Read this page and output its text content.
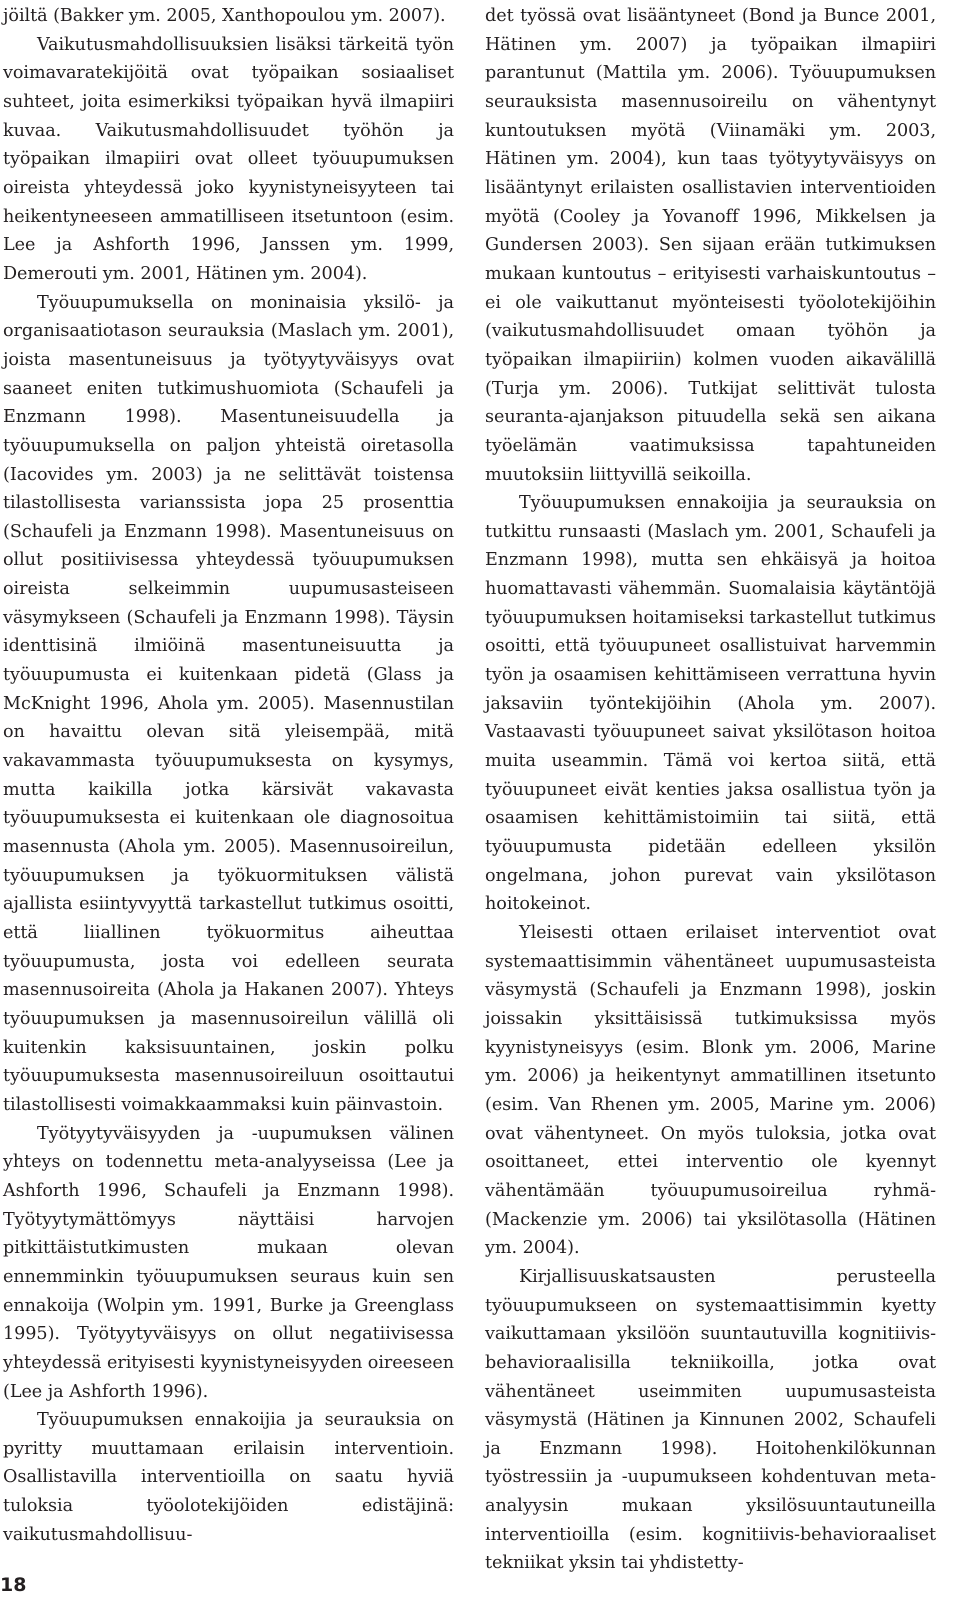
jöiltä (Bakker ym. 2005, Xanthopoulou ym. 2007).

Vaikutusmahdollisuuksien lisäksi tärkeitä työn voimavaratekijöitä ovat työpaikan sosiaaliset suhteet, joita esimerkiksi työpaikan hyvä ilmapiiri kuvaa. Vaikutusmahdollisuudet työhön ja työpaikan ilmapiiri ovat olleet työuupumuksen oireista yhteydessä joko kyynistyneisyyteen tai heikentyneeseen ammatilliseen itsetuntoon (esim. Lee ja Ashforth 1996, Janssen ym. 1999, Demerouti ym. 2001, Hätinen ym. 2004).

Työuupumuksella on moninaisia yksilö- ja organisaatiotason seurauksia (Maslach ym. 2001), joista masentuneisuus ja työtyytyväisyys ovat saaneet eniten tutkimushuomiota (Schaufeli ja Enzmann 1998). Masentuneisuudella ja työuupumuksella on paljon yhteistä oiretasolla (Iacovides ym. 2003) ja ne selittävät toistensa tilastollisesta varianssista jopa 25 prosenttia (Schaufeli ja Enzmann 1998). Masentuneisuus on ollut positiivisessa yhteydessä työuupumuksen oireista selkeimmin uupumusasteiseen väsymykseen (Schaufeli ja Enzmann 1998). Täysin identtisinä ilmiöinä masentuneisuutta ja työuupumusta ei kuitenkaan pidetä (Glass ja McKnight 1996, Ahola ym. 2005). Masennustilan on havaittu olevan sitä yleisempää, mitä vakavammasta työuupumuksesta on kysymys, mutta kaikilla jotka kärsivät vakavasta työuupumuksesta ei kuitenkaan ole diagnosoitua masennusta (Ahola ym. 2005). Masennusoireilun, työuupumuksen ja työkuormituksen välistä ajallista esiintyvyyttä tarkastellut tutkimus osoitti, että liiallinen työkuormitus aiheuttaa työuupumusta, josta voi edelleen seurata masennusoireita (Ahola ja Hakanen 2007). Yhteys työuupumuksen ja masennusoireilun välillä oli kuitenkin kaksisuuntainen, joskin polku työuupumuksesta masennusoireiluun osoittautui tilastollisesti voimakkaammaksi kuin päinvastoin.

Työtyytyväisyyden ja -uupumuksen välinen yhteys on todennettu meta-analyyseissa (Lee ja Ashforth 1996, Schaufeli ja Enzmann 1998). Työtyytymättömyys näyttäisi harvojen pitkittäistutkimusten mukaan olevan ennemminkin työuupumuksen seuraus kuin sen ennakoija (Wolpin ym. 1991, Burke ja Greenglass 1995). Työtyytyväisyys on ollut negatiivisessa yhteydessä erityisesti kyynistyneisyyden oireeseen (Lee ja Ashforth 1996).

Työuupumuksen ennakoijia ja seurauksia on pyritty muuttamaan erilaisin interventioin. Osallistavilla interventioilla on saatu hyviä tuloksia työolotekijöiden edistäjinä: vaikutusmahdollisuu-

det työssä ovat lisääntyneet (Bond ja Bunce 2001, Hätinen ym. 2007) ja työpaikan ilmapiiri parantunut (Mattila ym. 2006). Työuupumuksen seurauksista masennusoireilu on vähentynyt kuntoutuksen myötä (Viinamäki ym. 2003, Hätinen ym. 2004), kun taas työtyytyväisyys on lisääntynyt erilaisten osallistavien interventioiden myötä (Cooley ja Yovanoff 1996, Mikkelsen ja Gundersen 2003). Sen sijaan erään tutkimuksen mukaan kuntoutus – erityisesti varhaiskuntoutus – ei ole vaikuttanut myönteisesti työolotekijöihin (vaikutusmahdollisuudet omaan työhön ja työpaikan ilmapiiriin) kolmen vuoden aikavälillä (Turja ym. 2006). Tutkijat selittivät tulosta seuranta-ajanjakson pituudella sekä sen aikana työelämän vaatimuksissa tapahtuneiden muutoksiin liittyvillä seikoilla.

Työuupumuksen ennakoijia ja seurauksia on tutkittu runsaasti (Maslach ym. 2001, Schaufeli ja Enzmann 1998), mutta sen ehkäisyä ja hoitoa huomattavasti vähemmän. Suomalaisia käytäntöjä työuupumuksen hoitamiseksi tarkastellut tutkimus osoitti, että työuupuneet osallistuivat harvemmin työn ja osaamisen kehittämiseen verrattuna hyvin jaksaviin työntekijöihin (Ahola ym. 2007). Vastaavasti työuupuneet saivat yksilötason hoitoa muita useammin. Tämä voi kertoa siitä, että työuupuneet eivät kenties jaksa osallistua työn ja osaamisen kehittämistoimiin tai siitä, että työuupumusta pidetään edelleen yksilön ongelmana, johon purevat vain yksilötason hoitokeinot.

Yleisesti ottaen erilaiset interventiot ovat systemaattisimmin vähentäneet uupumusasteista väsymystä (Schaufeli ja Enzmann 1998), joskin joissakin yksittäisissä tutkimuksissa myös kyynistyneisyys (esim. Blonk ym. 2006, Marine ym. 2006) ja heikentynyt ammatillinen itsetunto (esim. Van Rhenen ym. 2005, Marine ym. 2006) ovat vähentyneet. On myös tuloksia, jotka ovat osoittaneet, ettei interventio ole kyennyt vähentämään työuupumusoireilua ryhmä- (Mackenzie ym. 2006) tai yksilötasolla (Hätinen ym. 2004).

Kirjallisuuskatsausten perusteella työuupumukseen on systemaattisimmin kyetty vaikuttamaan yksilöön suuntautuvilla kognitiivis-behavioraalisilla tekniikoilla, jotka ovat vähentäneet useimmiten uupumusasteista väsymystä (Hätinen ja Kinnunen 2002, Schaufeli ja Enzmann 1998). Hoitohenkilökunnan työstressiin ja -uupumukseen kohdentuvan meta-analyysin mukaan yksilösuuntautuneilla interventioilla (esim. kognitiivis-behavioraaliset tekniikat yksin tai yhdistetty-

18
